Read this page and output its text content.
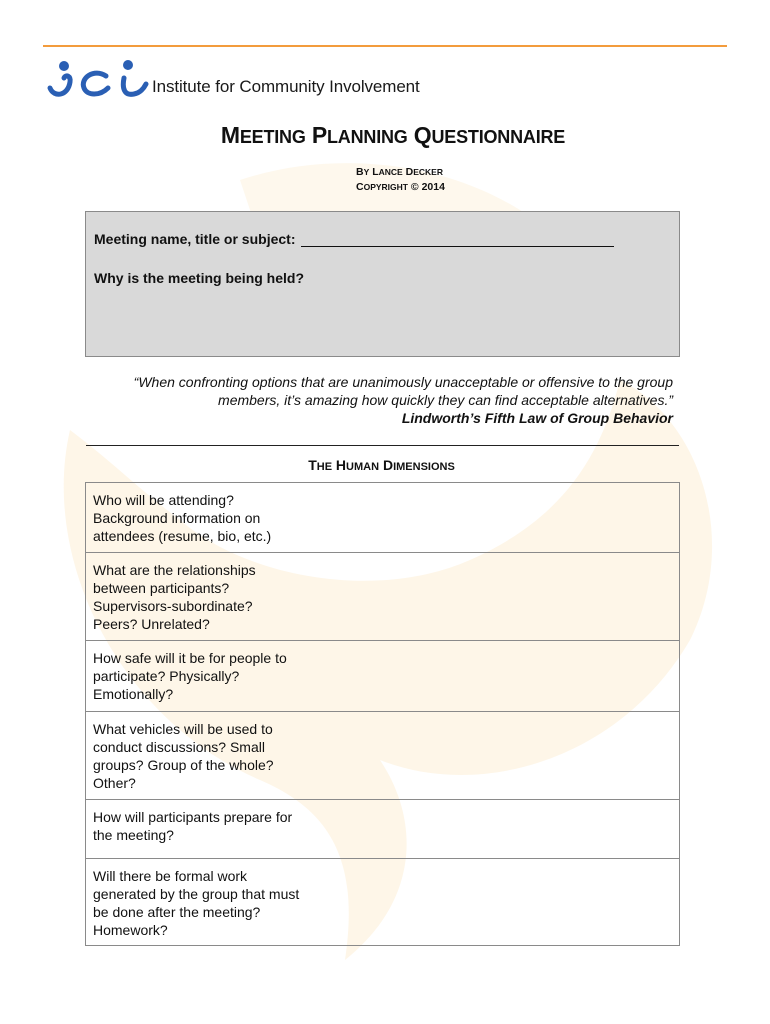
Institute for Community Involvement
MEETING PLANNING QUESTIONNAIRE
BY LANCE DECKER
COPYRIGHT © 2014
Meeting name, title or subject:
Why is the meeting being held?
“When confronting options that are unanimously unacceptable or offensive to the group members, it’s amazing how quickly they can find acceptable alternatives.”
Lindworth’s Fifth Law of Group Behavior
THE HUMAN DIMENSIONS
Who will be attending?
Background information on
attendees (resume, bio, etc.)
What are the relationships
between participants?
Supervisors-subordinate?
Peers? Unrelated?
How safe will it be for people to
participate? Physically?
Emotionally?
What vehicles will be used to
conduct discussions? Small
groups? Group of the whole?
Other?
How will participants prepare for
the meeting?
Will there be formal work
generated by the group that must
be done after the meeting?
Homework?
